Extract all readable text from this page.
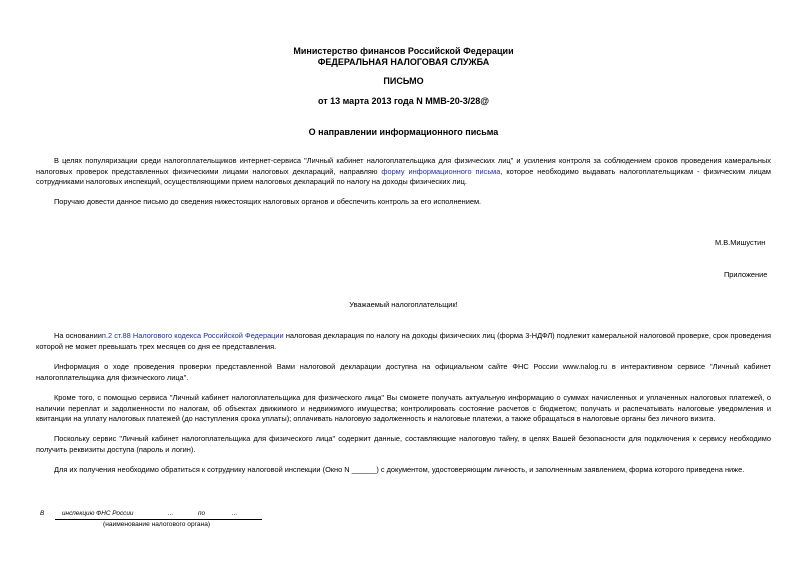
Министерство финансов Российской Федерации
ФЕДЕРАЛЬНАЯ НАЛОГОВАЯ СЛУЖБА
ПИСЬМО
от 13 марта 2013 года N ММВ-20-3/28@
О направлении информационного письма
В целях популяризации среди налогоплательщиков интернет-сервиса "Личный кабинет налогоплательщика для физических лиц" и усиления контроля за соблюдением сроков проведения камеральных налоговых проверок представленных физическими лицами налоговых деклараций, направляю форму информационного письма, которое необходимо выдавать налогоплательщикам - физическим лицам сотрудниками налоговых инспекций, осуществляющими прием налоговых деклараций по налогу на доходы физических лиц.
Поручаю довести данное письмо до сведения нижестоящих налоговых органов и обеспечить контроль за его исполнением.
М.В.Мишустин
Приложение
Уважаемый налогоплательщик!
На основаниип.2 ст.88 Налогового кодекса Российской Федерации налоговая декларация по налогу на доходы физических лиц (форма 3-НДФЛ) подлежит камеральной налоговой проверке, срок проведения которой не может превышать трех месяцев со дня ее представления.
Информация о ходе проведения проверки представленной Вами налоговой декларации доступна на официальном сайте ФНС России www.nalog.ru в интерактивном сервисе "Личный кабинет налогоплательщика для физического лица".
Кроме того, с помощью сервиса "Личный кабинет налогоплательщика для физического лица" Вы сможете получать актуальную информацию о суммах начисленных и уплаченных налоговых платежей, о наличии переплат и задолженности по налогам, об объектах движимого и недвижимого имущества; контролировать состояние расчетов с бюджетом; получать и распечатывать налоговые уведомления и квитанции на уплату налоговых платежей (до наступления срока уплаты); оплачивать налоговую задолженность и налоговые платежи, а также обращаться в налоговые органы без личного визита.
Поскольку сервис "Личный кабинет налогоплательщика для физического лица" содержит данные, составляющие налоговую тайну, в целях Вашей безопасности для подключения к сервису необходимо получить реквизиты доступа (пароль и логин).
Для их получения необходимо обратиться к сотруднику налоговой инспекции (Окно N ______) с документом, удостоверяющим личность, и заполненным заявлением, форма которого приведена ниже.
В	инспекцию ФНС России	...	по	...
(наименование налогового органа)
